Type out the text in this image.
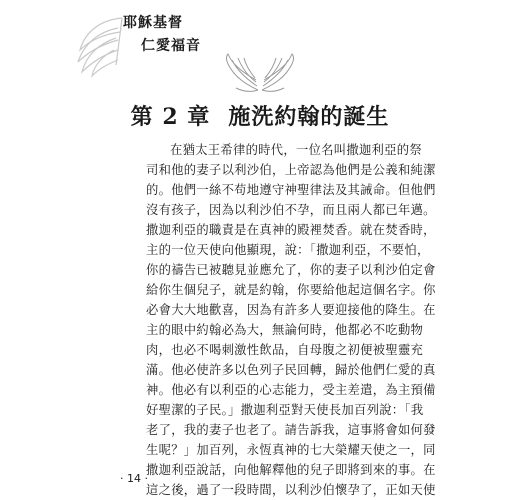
耶穌基督
仁愛福音
第 2 章 施洗約翰的誕生
在猶太王希律的時代，一位名叫撒迦利亞的祭
司和他的妻子以利沙伯，上帝認為他們是公義和純潔
的。他們一絲不苟地遵守神聖律法及其誡命。但他們
沒有孩子，因為以利沙伯不孕，而且兩人都已年邁。
撒迦利亞的職責是在真神的殿裡焚香。就在焚香時，
主的一位天使向他顯現，說：「撒迦利亞，不要怕，
你的禱告已被聽見並應允了，你的妻子以利沙伯定會
給你生個兒子，就是約翰，你要給他起這個名字。你
必會大大地歡喜，因為有許多人要迎接他的降生。在
主的眼中約翰必為大，無論何時，他都必不吃動物
肉，也必不喝刺激性飲品，自母腹之初便被聖靈充
滿。他必使許多以色列子民回轉，歸於他們仁愛的真
神。他必有以利亞的心志能力，受主差遣，為主預備
好聖潔的子民。」撒迦利亞對天使長加百列說：「我
老了，我的妻子也老了。請告訴我，這事將會如何發
生呢？」加百列，永恆真神的七大榮耀天使之一，同
撒迦利亞說話，向他解釋他的兒子即將到來的事。在
這之後，過了一段時間，以利沙伯懷孕了，正如天使
· 14 ·
